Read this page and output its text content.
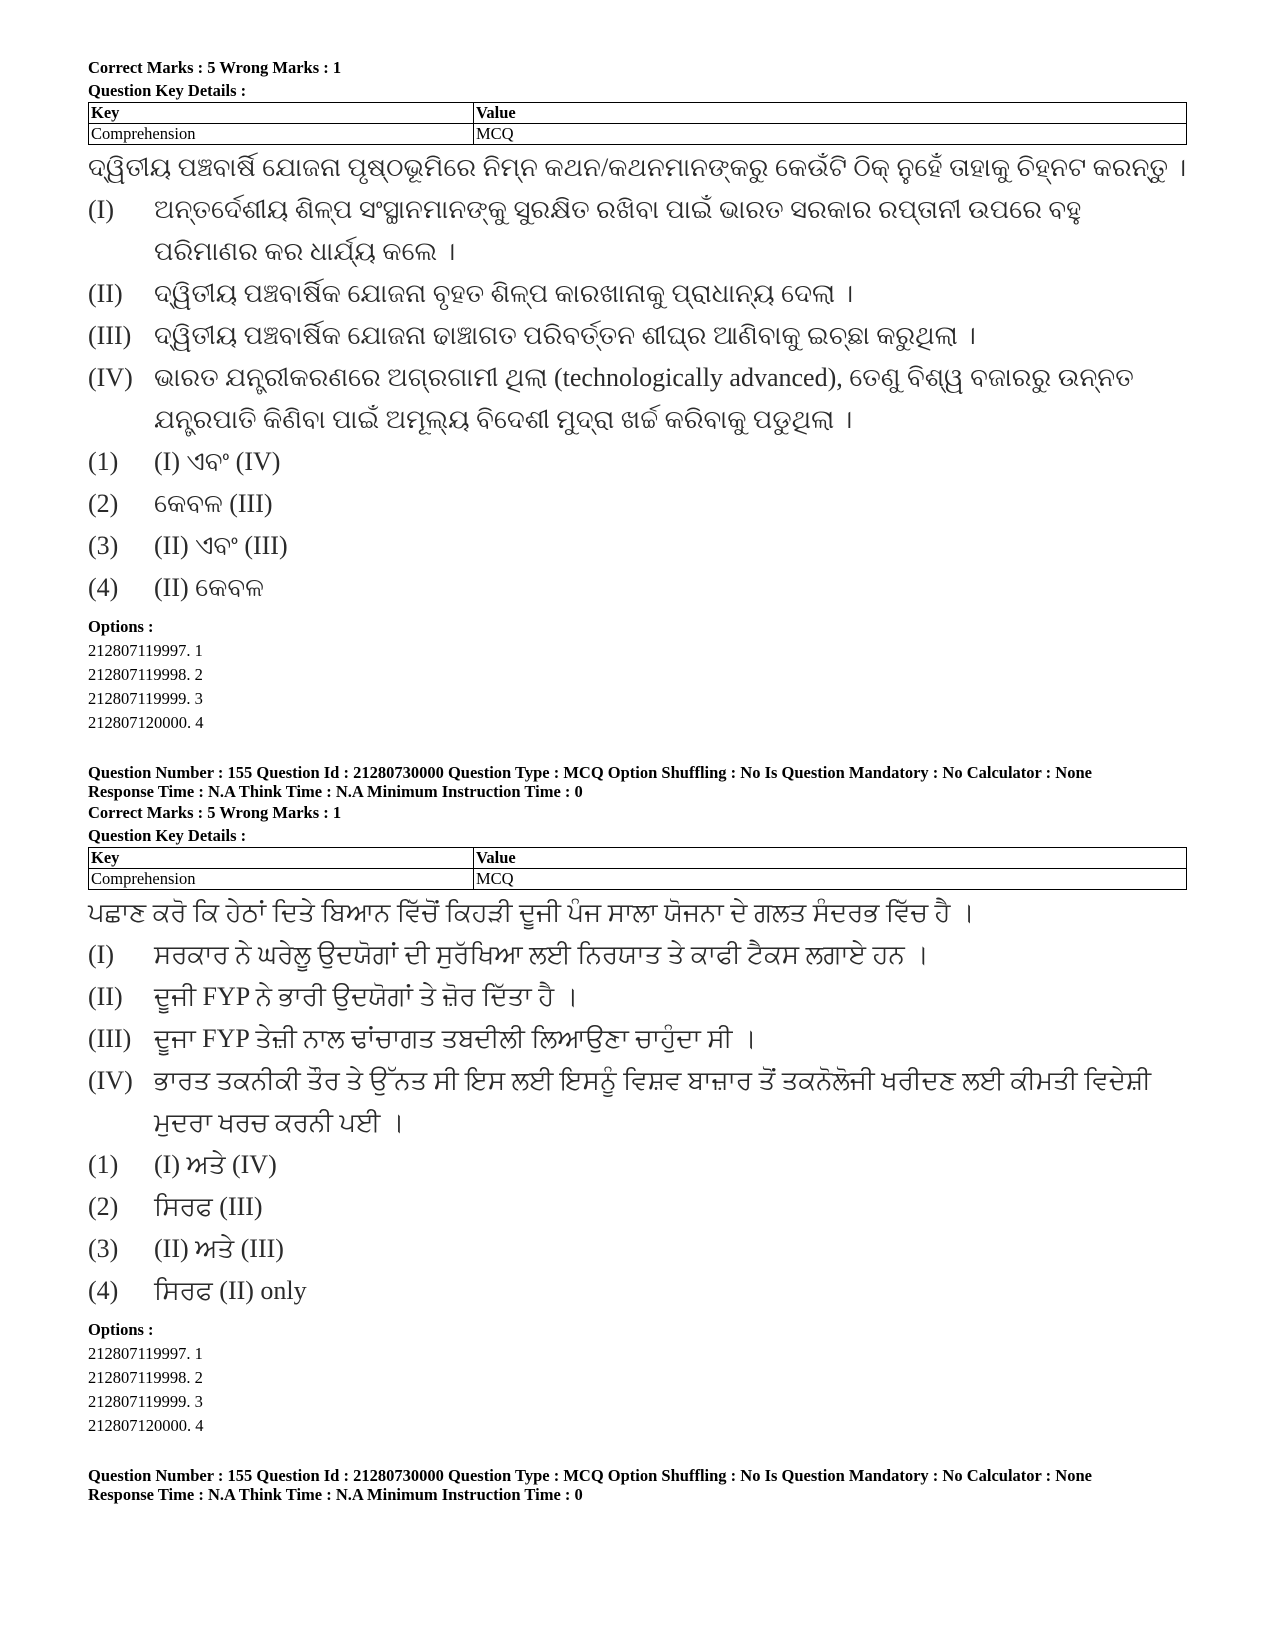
Correct Marks : 5 Wrong Marks : 1
Question Key Details :
Key	Value
Comprehension	MCQ
ଦ୍ୱିତୀୟ ପଞ୍ଚବାର୍ଷି ଯୋଜନା ପୃଷ୍ଠଭୂମିରେ ନିମ୍ନ କଥନ/କଥନମାନଙ୍କରୁ କେଉଁଟି ଠିକ୍ ନୁହେଁ ତାହାକୁ ଚିହ୍ନଟ କରନ୍ତୁ ।
(I)	ଅନ୍ତର୍ଦେଶୀୟ ଶିଳ୍ପ ସଂସ୍ଥାନମାନଙ୍କୁ ସୁରକ୍ଷିତ ରଖିବା ପାଇଁ ଭାରତ ସରକାର ରପ୍ତାନୀ ଉପରେ ବହୁ ପରିମାଣର କର ଧାର୍ଯ୍ୟ କଲେ ।
(II)	ଦ୍ୱିତୀୟ ପଞ୍ଚବାର୍ଷିକ ଯୋଜନା ବୃହତ ଶିଳ୍ପ କାରଖାନାକୁ ପ୍ରାଧାନ୍ୟ ଦେଲା ।
(III) ଦ୍ୱିତୀୟ ପଞ୍ଚବାର୍ଷିକ ଯୋଜନା ଢାଞ୍ଚାଗତ ପରିବର୍ତ୍ତନ ଶୀଘ୍ର ଆଣିବାକୁ ଇଚ୍ଛା କରୁଥିଲା ।
(IV) ଭାରତ ଯନ୍ତ୍ରୀକରଣରେ ଅଗ୍ରଗାମୀ ଥିଲା (technologically advanced), ତେଣୁ ବିଶ୍ୱ ବଜାରରୁ ଉନ୍ନତ ଯନ୍ତ୍ରପାତି କିଣିବା ପାଇଁ ଅମୂଲ୍ୟ ବିଦେଶୀ ମୁଦ୍ରା ଖର୍ଚ୍ଚ କରିବାକୁ ପଡୁଥିଲା ।
(1)	(I) ଏବଂ (IV)
(2)	କେବଳ (III)
(3)	(II) ଏବଂ (III)
(4)	(II) କେବଳ
Options :
212807119997. 1
212807119998. 2
212807119999. 3
212807120000. 4
Question Number : 155 Question Id : 21280730000 Question Type : MCQ Option Shuffling : No Is Question Mandatory : No Calculator : None
Response Time : N.A Think Time : N.A Minimum Instruction Time : 0
Correct Marks : 5 Wrong Marks : 1
Question Key Details :
Key	Value
Comprehension	MCQ
ਪਛਾਣ ਕਰੋ ਕਿ ਹੇਠਾਂ ਦਿਤੇ ਬਿਆਨ ਵਿੱਚੋਂ ਕਿਹੜੀ ਦੂਜੀ ਪੰਜ ਸਾਲਾ ਯੋਜਨਾ ਦੇ ਗਲਤ ਸੰਦਰਭ ਵਿੱਚ ਹੈ ।
(I)	ਸਰਕਾਰ ਨੇ ਘਰੇਲੂ ਉਦਯੋਗਾਂ ਦੀ ਸੁਰੱਖਿਆ ਲਈ ਨਿਰਯਾਤ ਤੇ ਕਾਫੀ ਟੈਕਸ ਲਗਾਏ ਹਨ ।
(II)	ਦੂਜੀ FYP ਨੇ ਭਾਰੀ ਉਦਯੋਗਾਂ ਤੇ ਜ਼ੋਰ ਦਿੱਤਾ ਹੈ ।
(III) ਦੂਜਾ FYP ਤੇਜ਼ੀ ਨਾਲ ਢਾਂਚਾਗਤ ਤਬਦੀਲੀ ਲਿਆਉਣਾ ਚਾਹੁੰਦਾ ਸੀ ।
(IV) ਭਾਰਤ ਤਕਨੀਕੀ ਤੌਰ ਤੇ ਉੱਨਤ ਸੀ ਇਸ ਲਈ ਇਸਨੂੰ ਵਿਸ਼ਵ ਬਾਜ਼ਾਰ ਤੋਂ ਤਕਨੋਲੋਜੀ ਖਰੀਦਣ ਲਈ ਕੀਮਤੀ ਵਿਦੇਸ਼ੀ ਮੁਦਰਾ ਖਰਚ ਕਰਨੀ ਪਈ ।
(1)	(I) ਅਤੇ (IV)
(2)	ਸਿਰਫ (III)
(3)	(II) ਅਤੇ (III)
(4)	ਸਿਰਫ (II) only
Options :
212807119997. 1
212807119998. 2
212807119999. 3
212807120000. 4
Question Number : 155 Question Id : 21280730000 Question Type : MCQ Option Shuffling : No Is Question Mandatory : No Calculator : None
Response Time : N.A Think Time : N.A Minimum Instruction Time : 0
